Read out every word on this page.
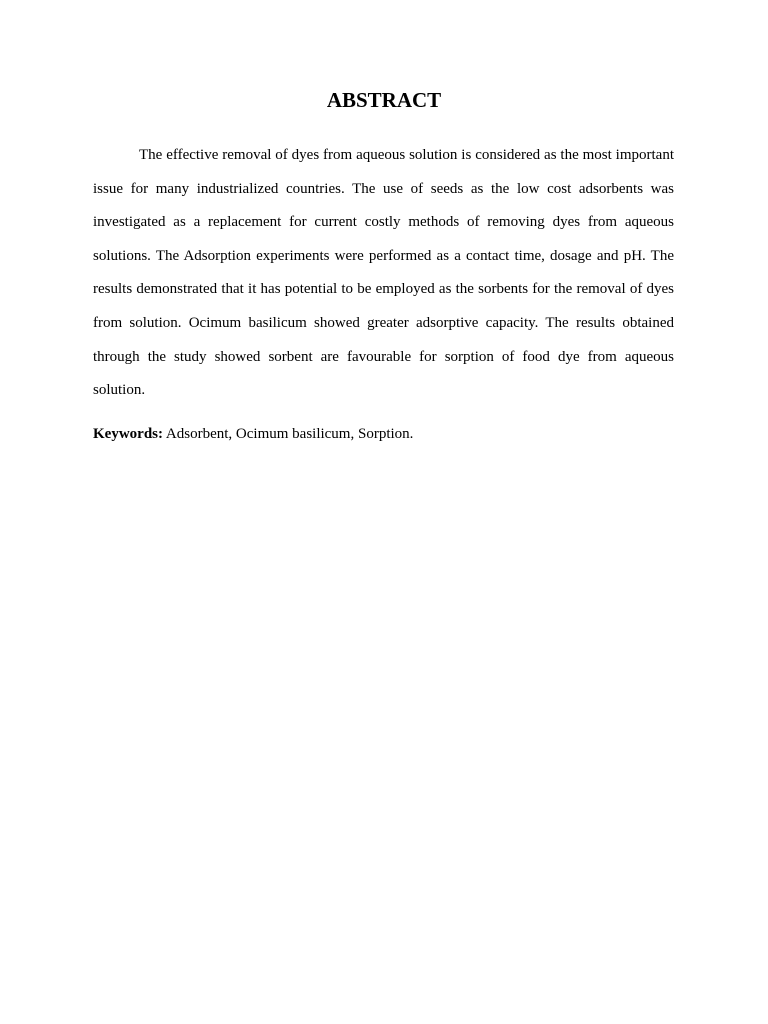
ABSTRACT

The effective removal of dyes from aqueous solution is considered as the most important issue for many industrialized countries. The use of seeds as the low cost adsorbents was investigated as a replacement for current costly methods of removing dyes from aqueous solutions. The Adsorption experiments were performed as a contact time, dosage and pH. The results demonstrated that it has potential to be employed as the sorbents for the removal of dyes from solution. Ocimum basilicum showed greater adsorptive capacity. The results obtained through the study showed sorbent are favourable for sorption of food dye from aqueous solution.

Keywords: Adsorbent, Ocimum basilicum, Sorption.
